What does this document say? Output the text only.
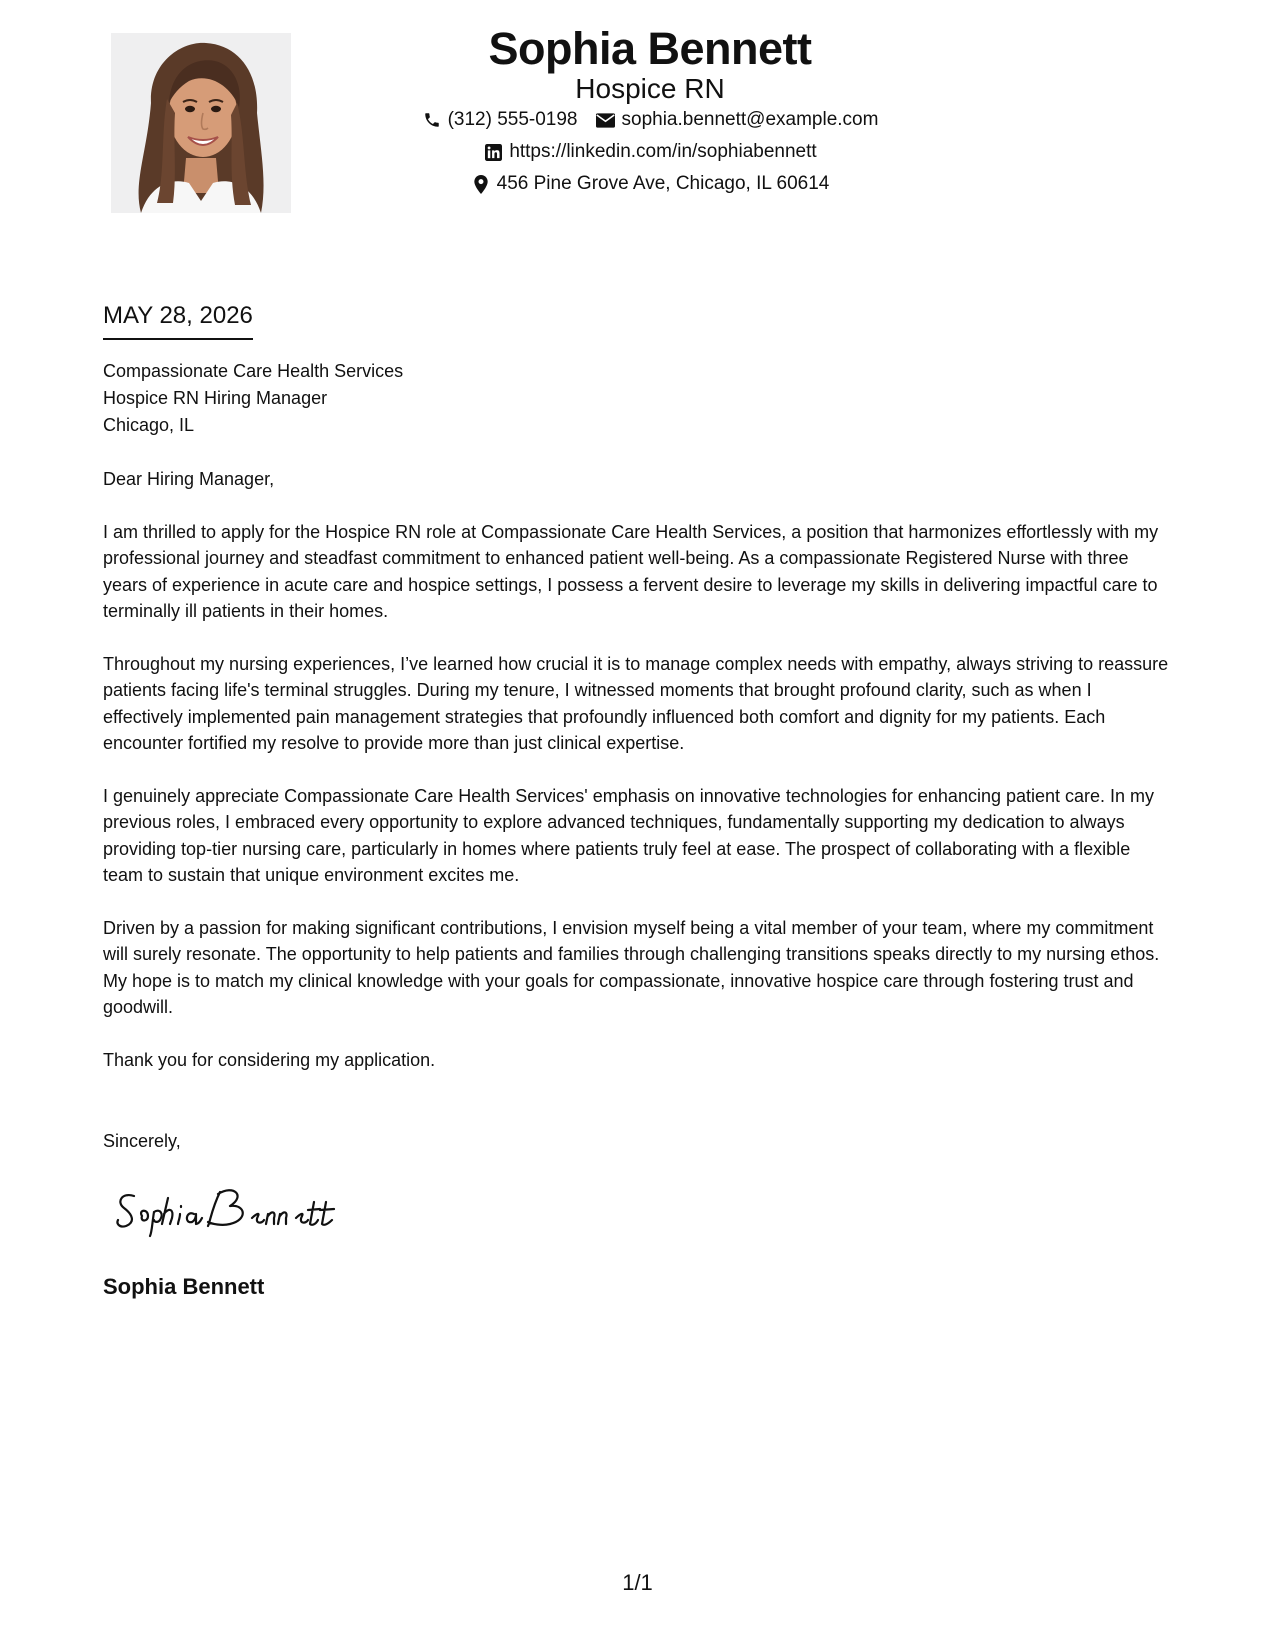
Sophia Bennett
Hospice RN
(312) 555-0198 sophia.bennett@example.com
https://linkedin.com/in/sophiabennett
456 Pine Grove Ave, Chicago, IL 60614
MAY 28, 2026
Compassionate Care Health Services
Hospice RN Hiring Manager
Chicago, IL

Dear Hiring Manager,

I am thrilled to apply for the Hospice RN role at Compassionate Care Health Services, a position that harmonizes effortlessly with my professional journey and steadfast commitment to enhanced patient well-being. As a compassionate Registered Nurse with three years of experience in acute care and hospice settings, I possess a fervent desire to leverage my skills in delivering impactful care to terminally ill patients in their homes.

Throughout my nursing experiences, I’ve learned how crucial it is to manage complex needs with empathy, always striving to reassure patients facing life's terminal struggles. During my tenure, I witnessed moments that brought profound clarity, such as when I effectively implemented pain management strategies that profoundly influenced both comfort and dignity for my patients. Each encounter fortified my resolve to provide more than just clinical expertise.

I genuinely appreciate Compassionate Care Health Services' emphasis on innovative technologies for enhancing patient care. In my previous roles, I embraced every opportunity to explore advanced techniques, fundamentally supporting my dedication to always providing top-tier nursing care, particularly in homes where patients truly feel at ease. The prospect of collaborating with a flexible team to sustain that unique environment excites me.

Driven by a passion for making significant contributions, I envision myself being a vital member of your team, where my commitment will surely resonate. The opportunity to help patients and families through challenging transitions speaks directly to my nursing ethos. My hope is to match my clinical knowledge with your goals for compassionate, innovative hospice care through fostering trust and goodwill.

Thank you for considering my application.

Sincerely,
Sophia Bennett
1/1
